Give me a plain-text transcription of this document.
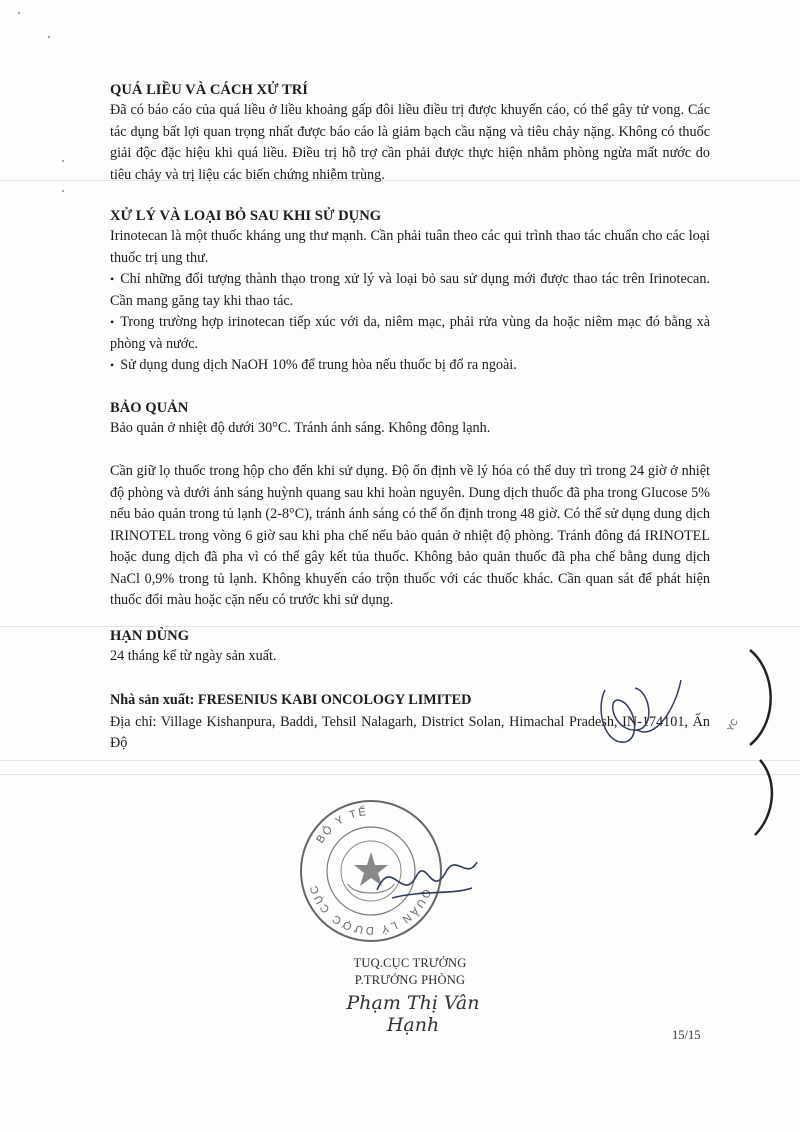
QUÁ LIỀU VÀ CÁCH XỬ TRÍ

Đã có báo cáo của quá liều ở liều khoảng gấp đôi liều điều trị được khuyến cáo, có thể gây tử vong. Các tác dụng bất lợi quan trọng nhất được báo cáo là giảm bạch cầu nặng và tiêu chảy nặng. Không có thuốc giải độc đặc hiệu khi quá liều. Điều trị hỗ trợ cần phải được thực hiện nhằm phòng ngừa mất nước do tiêu chảy và trị liệu các biến chứng nhiễm trùng.

XỬ LÝ VÀ LOẠI BỎ SAU KHI SỬ DỤNG

Irinotecan là một thuốc kháng ung thư mạnh. Cần phải tuân theo các qui trình thao tác chuẩn cho các loại thuốc trị ung thư.

• Chỉ những đối tượng thành thạo trong xử lý và loại bỏ sau sử dụng mới được thao tác trên Irinotecan. Cần mang găng tay khi thao tác.

• Trong trường hợp irinotecan tiếp xúc với da, niêm mạc, phải rửa vùng da hoặc niêm mạc đó bằng xà phòng và nước.

• Sử dụng dung dịch NaOH 10% để trung hòa nếu thuốc bị đổ ra ngoài.

BẢO QUẢN

Bảo quản ở nhiệt độ dưới 30°C. Tránh ánh sáng. Không đông lạnh.

Cần giữ lọ thuốc trong hộp cho đến khi sử dụng. Độ ổn định về lý hóa có thể duy trì trong 24 giờ ở nhiệt độ phòng và dưới ánh sáng huỳnh quang sau khi hoàn nguyên. Dung dịch thuốc đã pha trong Glucose 5% nếu bảo quản trong tủ lạnh (2-8°C), tránh ánh sáng có thể ổn định trong 48 giờ. Có thể sử dụng dung dịch IRINOTEL trong vòng 6 giờ sau khi pha chế nếu bảo quản ở nhiệt độ phòng. Tránh đông đá IRINOTEL hoặc dung dịch đã pha vì có thể gây kết tủa thuốc. Không bảo quản thuốc đã pha chế bằng dung dịch NaCl 0,9% trong tủ lạnh. Không khuyến cáo trộn thuốc với các thuốc khác. Cần quan sát để phát hiện thuốc đổi màu hoặc cặn nếu có trước khi sử dụng.

HẠN DÙNG

24 tháng kể từ ngày sản xuất.

Nhà sản xuất: FRESENIUS KABI ONCOLOGY LIMITED

Địa chỉ: Village Kishanpura, Baddi, Tehsil Nalagarh, District Solan, Himachal Pradesh, IN-174101, Ấn Độ

YC
BỘ Y TẾ
CỤC	QUẢN LÝ DƯỢC
TUQ.CỤC TRƯỞNG
P.TRƯỞNG PHÒNG
Phạm Thị Vân Hạnh	15/15
